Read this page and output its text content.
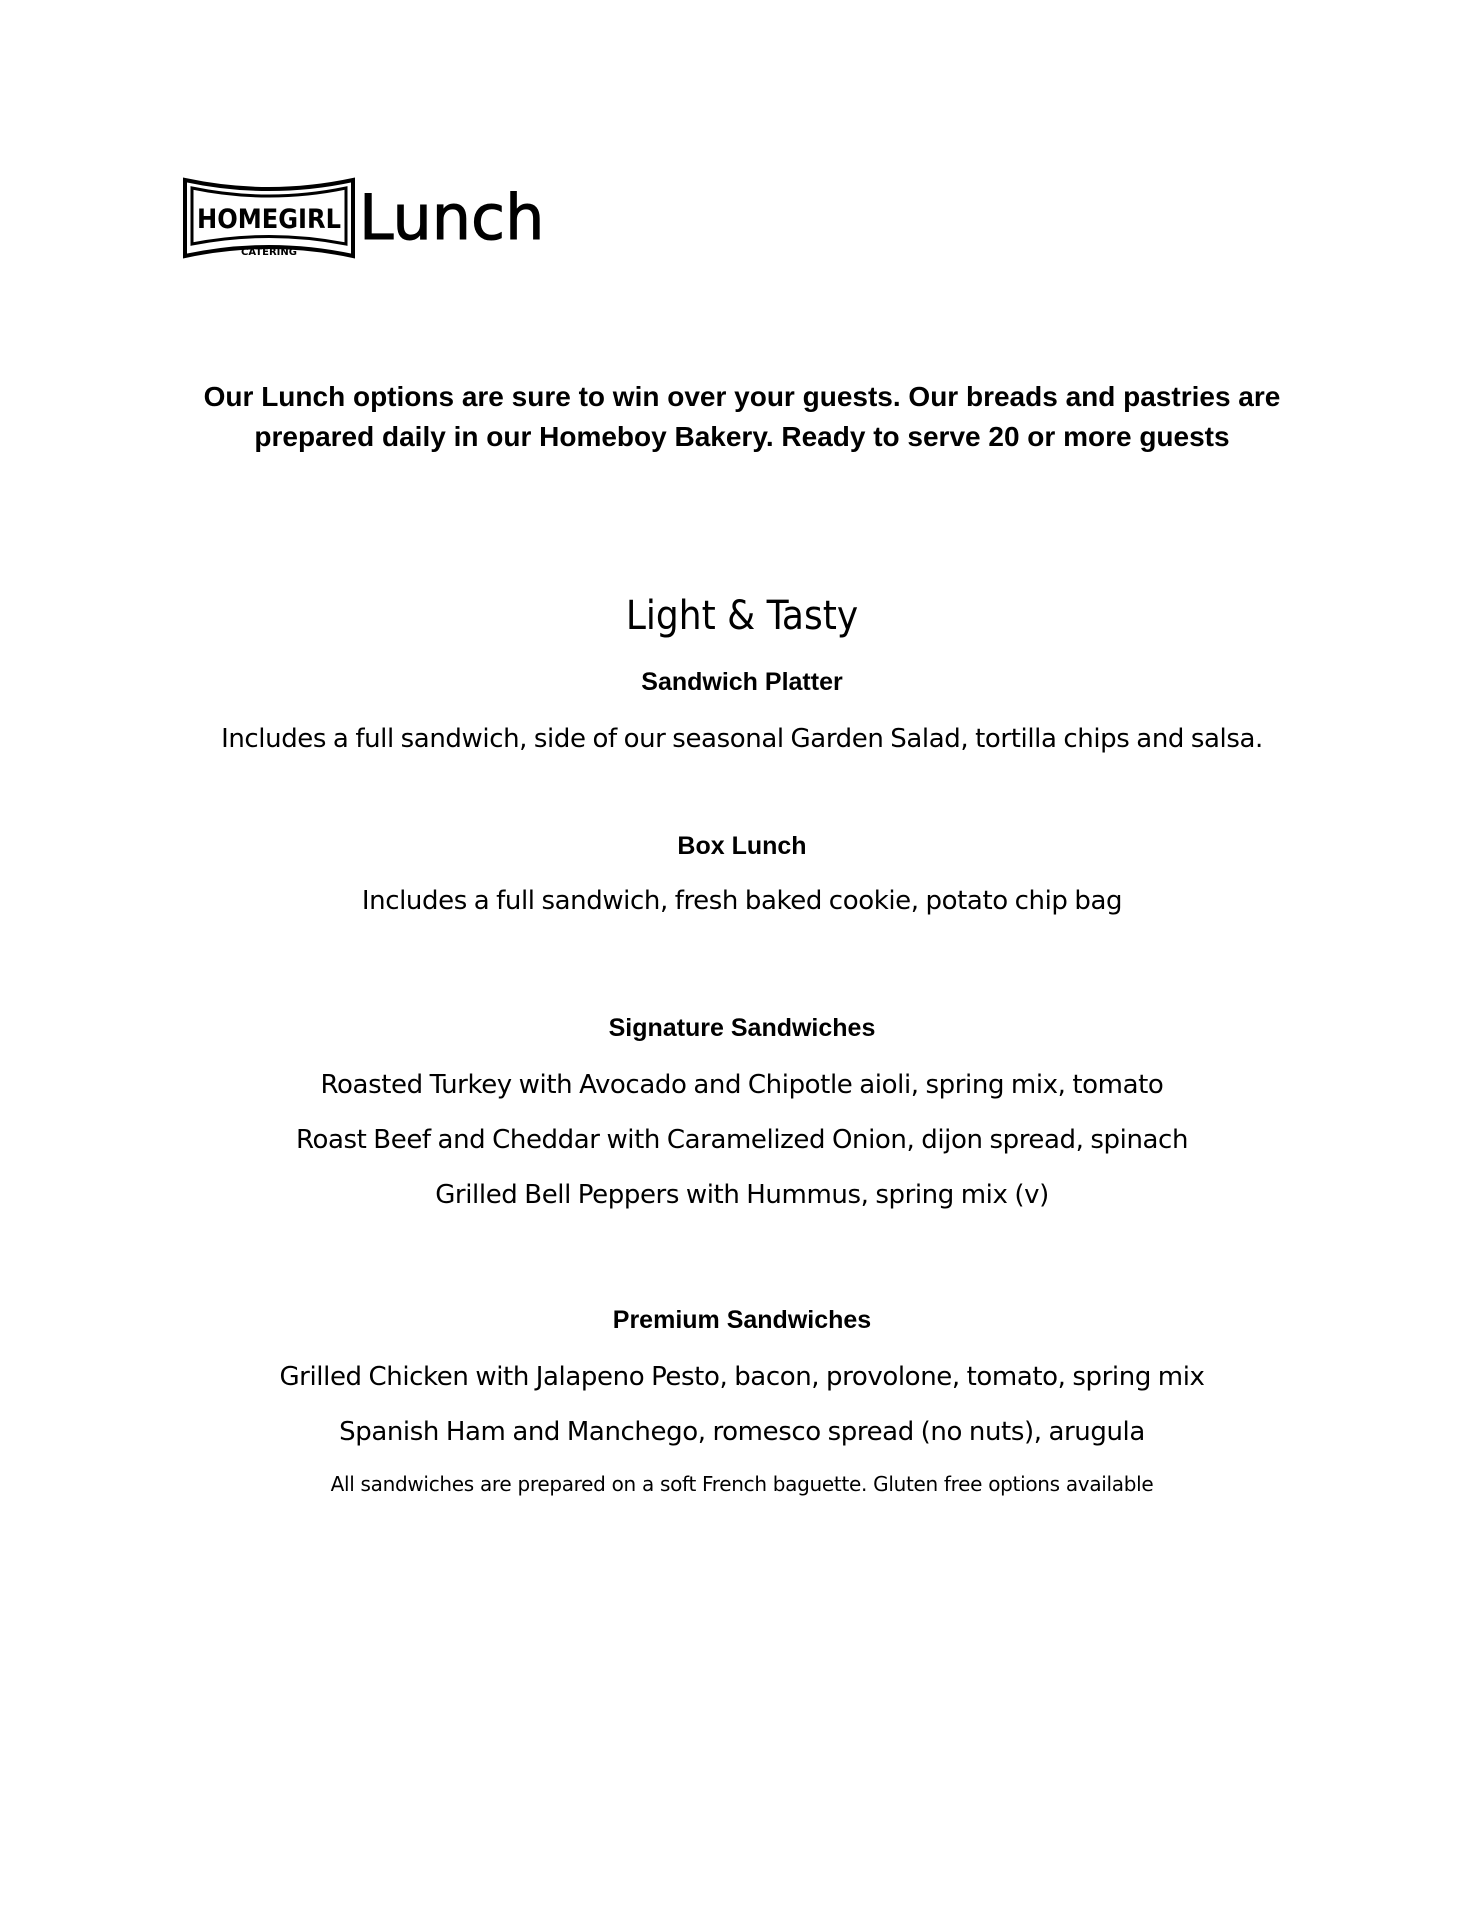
HOMEGIRL
CATERING Lunch

Our Lunch options are sure to win over your guests. Our breads and pastries are
prepared daily in our Homeboy Bakery. Ready to serve 20 or more guests

Light & Tasty
Sandwich Platter

Includes a full sandwich, side of our seasonal Garden Salad, tortilla chips and salsa.

Box Lunch

Includes a full sandwich, fresh baked cookie, potato chip bag

Signature Sandwiches

Roasted Turkey with Avocado and Chipotle aioli, spring mix, tomato

Roast Beef and Cheddar with Caramelized Onion, dijon spread, spinach

Grilled Bell Peppers with Hummus, spring mix (v)

Premium Sandwiches

Grilled Chicken with Jalapeno Pesto, bacon, provolone, tomato, spring mix

Spanish Ham and Manchego, romesco spread (no nuts), arugula

All sandwiches are prepared on a soft French baguette. Gluten free options available
